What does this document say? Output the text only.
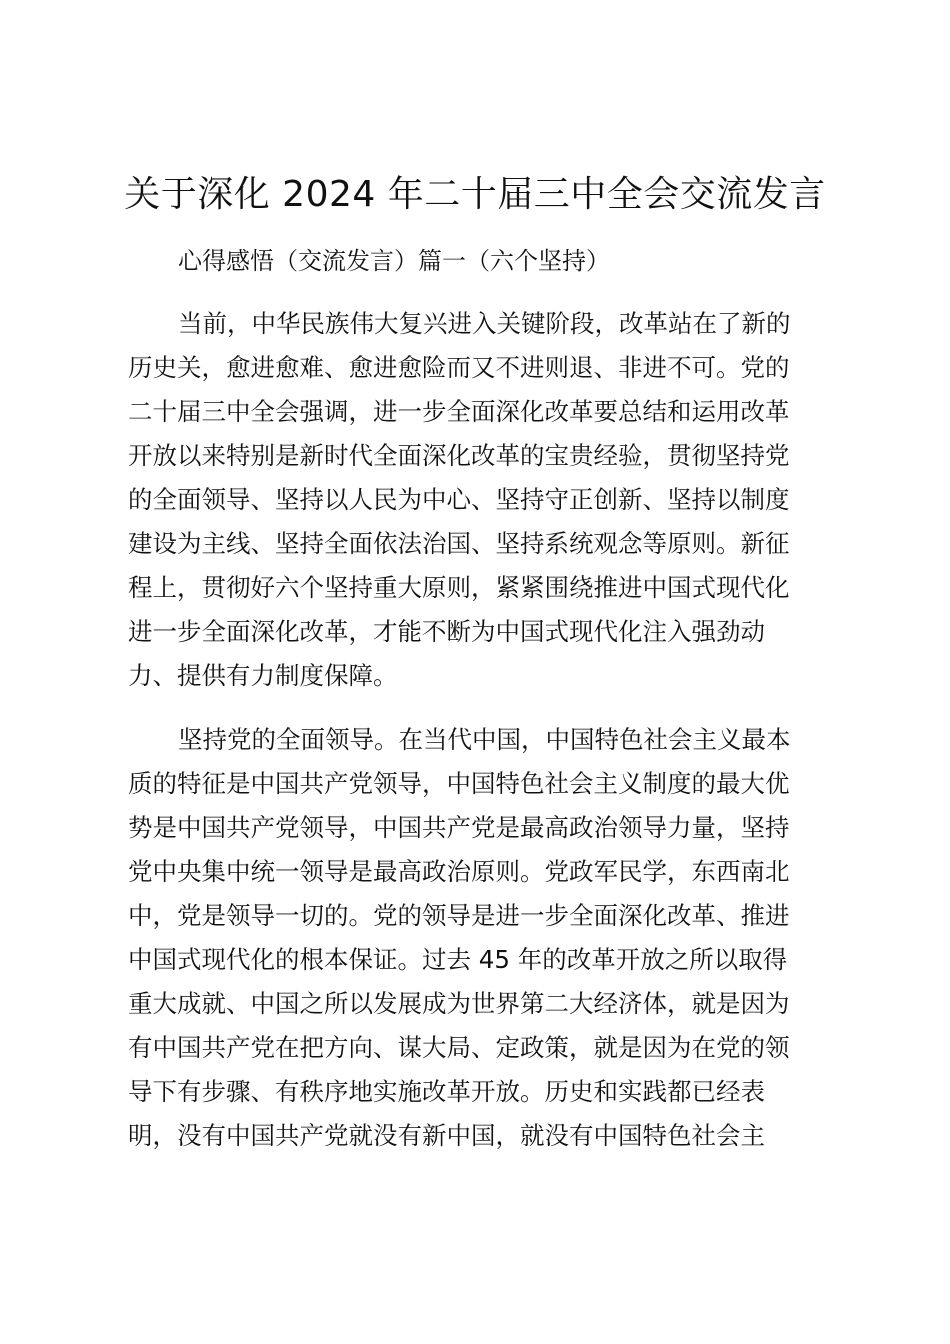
关于深化 2024 年二十届三中全会交流发言
心得感悟（交流发言）篇一（六个坚持）
当前，中华民族伟大复兴进入关键阶段，改革站在了新的
历史关，愈进愈难、愈进愈险而又不进则退、非进不可。党的
二十届三中全会强调，进一步全面深化改革要总结和运用改革
开放以来特别是新时代全面深化改革的宝贵经验，贯彻坚持党
的全面领导、坚持以人民为中心、坚持守正创新、坚持以制度
建设为主线、坚持全面依法治国、坚持系统观念等原则。新征
程上，贯彻好六个坚持重大原则，紧紧围绕推进中国式现代化
进一步全面深化改革，才能不断为中国式现代化注入强劲动
力、提供有力制度保障。
坚持党的全面领导。在当代中国，中国特色社会主义最本
质的特征是中国共产党领导，中国特色社会主义制度的最大优
势是中国共产党领导，中国共产党是最高政治领导力量，坚持
党中央集中统一领导是最高政治原则。党政军民学，东西南北
中，党是领导一切的。党的领导是进一步全面深化改革、推进
中国式现代化的根本保证。过去 45 年的改革开放之所以取得
重大成就、中国之所以发展成为世界第二大经济体，就是因为
有中国共产党在把方向、谋大局、定政策，就是因为在党的领
导下有步骤、有秩序地实施改革开放。历史和实践都已经表
明，没有中国共产党就没有新中国，就没有中国特色社会主
